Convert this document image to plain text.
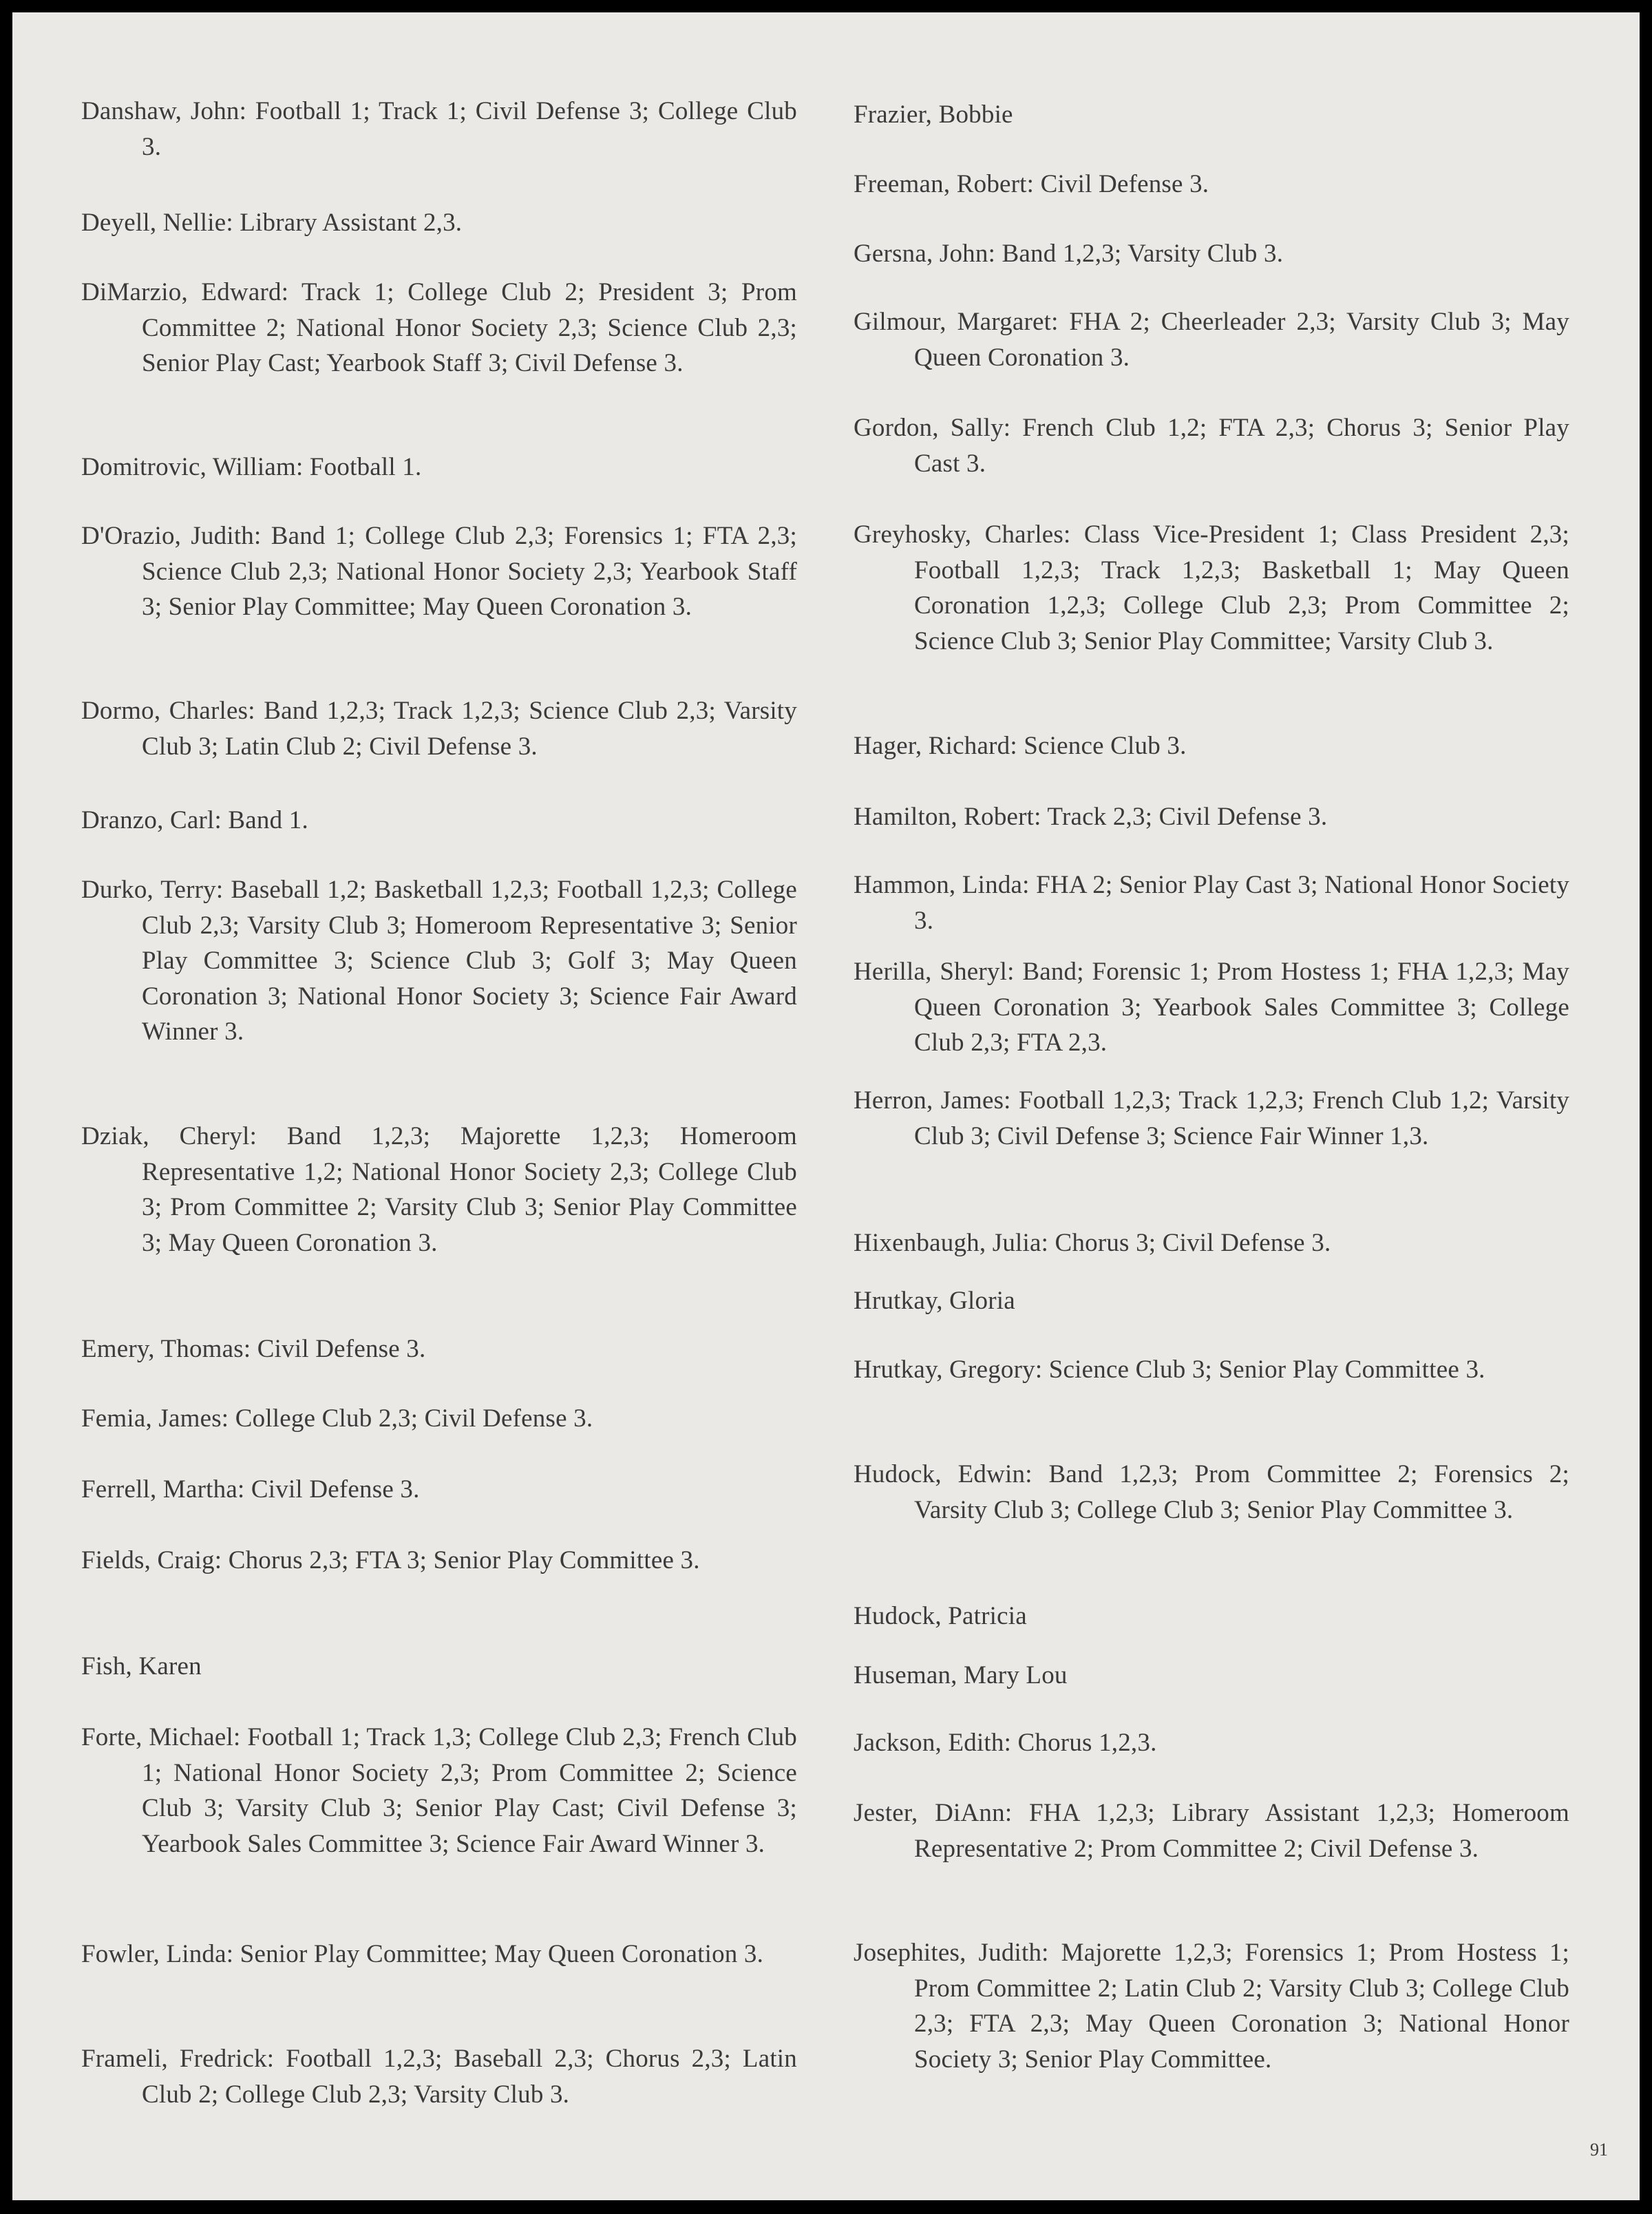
Danshaw, John: Football 1; Track 1; Civil Defense 3; College Club 3.

Deyell, Nellie: Library Assistant 2,3.

DiMarzio, Edward: Track 1; College Club 2; President 3; Prom Committee 2; National Honor Society 2,3; Science Club 2,3; Senior Play Cast; Yearbook Staff 3; Civil Defense 3.

Domitrovic, William: Football 1.

D'Orazio, Judith: Band 1; College Club 2,3; Forensics 1; FTA 2,3; Science Club 2,3; National Honor Society 2,3; Yearbook Staff 3; Senior Play Committee; May Queen Coronation 3.

Dormo, Charles: Band 1,2,3; Track 1,2,3; Science Club 2,3; Varsity Club 3; Latin Club 2; Civil Defense 3.

Dranzo, Carl: Band 1.

Durko, Terry: Baseball 1,2; Basketball 1,2,3; Football 1,2,3; College Club 2,3; Varsity Club 3; Homeroom Representative 3; Senior Play Committee 3; Science Club 3; Golf 3; May Queen Coronation 3; National Honor Society 3; Science Fair Award Winner 3.

Dziak, Cheryl: Band 1,2,3; Majorette 1,2,3; Homeroom Representative 1,2; National Honor Society 2,3; College Club 3; Prom Committee 2; Varsity Club 3; Senior Play Committee 3; May Queen Coronation 3.

Emery, Thomas: Civil Defense 3.

Femia, James: College Club 2,3; Civil Defense 3.

Ferrell, Martha: Civil Defense 3.

Fields, Craig: Chorus 2,3; FTA 3; Senior Play Committee 3.

Fish, Karen

Forte, Michael: Football 1; Track 1,3; College Club 2,3; French Club 1; National Honor Society 2,3; Prom Committee 2; Science Club 3; Varsity Club 3; Senior Play Cast; Civil Defense 3; Yearbook Sales Committee 3; Science Fair Award Winner 3.

Fowler, Linda: Senior Play Committee; May Queen Coronation 3.

Frameli, Fredrick: Football 1,2,3; Baseball 2,3; Chorus 2,3; Latin Club 2; College Club 2,3; Varsity Club 3.

Frazier, Bobbie

Freeman, Robert: Civil Defense 3.

Gersna, John: Band 1,2,3; Varsity Club 3.

Gilmour, Margaret: FHA 2; Cheerleader 2,3; Varsity Club 3; May Queen Coronation 3.

Gordon, Sally: French Club 1,2; FTA 2,3; Chorus 3; Senior Play Cast 3.

Greyhosky, Charles: Class Vice-President 1; Class President 2,3; Football 1,2,3; Track 1,2,3; Basketball 1; May Queen Coronation 1,2,3; College Club 2,3; Prom Committee 2; Science Club 3; Senior Play Committee; Varsity Club 3.

Hager, Richard: Science Club 3.

Hamilton, Robert: Track 2,3; Civil Defense 3.

Hammon, Linda: FHA 2; Senior Play Cast 3; National Honor Society 3.

Herilla, Sheryl: Band; Forensic 1; Prom Hostess 1; FHA 1,2,3; May Queen Coronation 3; Yearbook Sales Committee 3; College Club 2,3; FTA 2,3.

Herron, James: Football 1,2,3; Track 1,2,3; French Club 1,2; Varsity Club 3; Civil Defense 3; Science Fair Winner 1,3.

Hixenbaugh, Julia: Chorus 3; Civil Defense 3.

Hrutkay, Gloria

Hrutkay, Gregory: Science Club 3; Senior Play Committee 3.

Hudock, Edwin: Band 1,2,3; Prom Committee 2; Forensics 2; Varsity Club 3; College Club 3; Senior Play Committee 3.

Hudock, Patricia

Huseman, Mary Lou

Jackson, Edith: Chorus 1,2,3.

Jester, DiAnn: FHA 1,2,3; Library Assistant 1,2,3; Homeroom Representative 2; Prom Committee 2; Civil Defense 3.

Josephites, Judith: Majorette 1,2,3; Forensics 1; Prom Hostess 1; Prom Committee 2; Latin Club 2; Varsity Club 3; College Club 2,3; FTA 2,3; May Queen Coronation 3; National Honor Society 3; Senior Play Committee.

91
